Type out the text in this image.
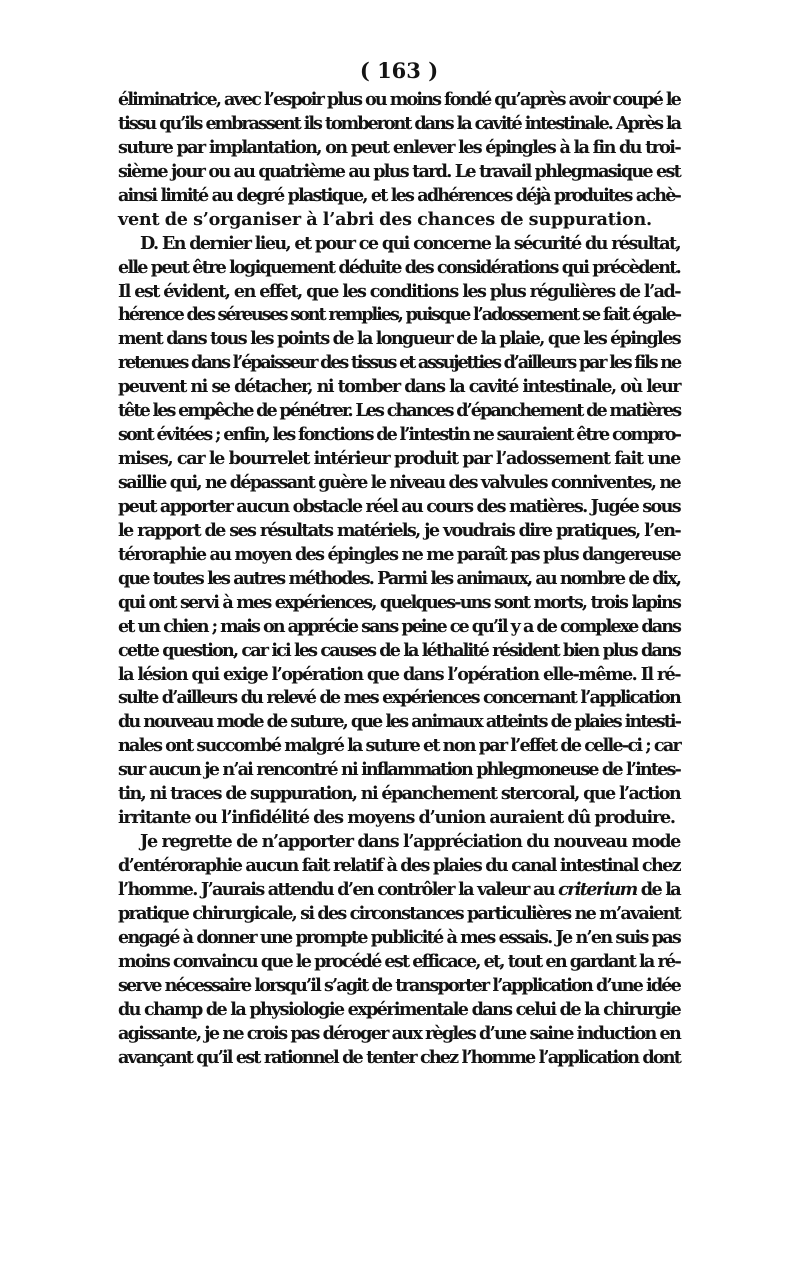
( 163 )
éliminatrice, avec l’espoir plus ou moins fondé qu’après avoir coupé le
tissu qu’ils embrassent ils tomberont dans la cavité intestinale. Après la
suture par implantation, on peut enlever les épingles à la fin du troi-
sième jour ou au quatrième au plus tard. Le travail phlegmasique est
ainsi limité au degré plastique, et les adhérences déjà produites achè-
vent de s’organiser à l’abri des chances de suppuration.
D. En dernier lieu, et pour ce qui concerne la sécurité du résultat,
elle peut être logiquement déduite des considérations qui précèdent.
Il est évident, en effet, que les conditions les plus régulières de l’ad-
hérence des séreuses sont remplies, puisque l’adossement se fait égale-
ment dans tous les points de la longueur de la plaie, que les épingles
retenues dans l’épaisseur des tissus et assujetties d’ailleurs par les fils ne
peuvent ni se détacher, ni tomber dans la cavité intestinale, où leur
tête les empêche de pénétrer. Les chances d’épanchement de matières
sont évitées ; enfin, les fonctions de l’intestin ne sauraient être compro-
mises, car le bourrelet intérieur produit par l’adossement fait une
saillie qui, ne dépassant guère le niveau des valvules conniventes, ne
peut apporter aucun obstacle réel au cours des matières. Jugée sous
le rapport de ses résultats matériels, je voudrais dire pratiques, l’en-
téroraphie au moyen des épingles ne me paraît pas plus dangereuse
que toutes les autres méthodes. Parmi les animaux, au nombre de dix,
qui ont servi à mes expériences, quelques-uns sont morts, trois lapins
et un chien ; mais on apprécie sans peine ce qu’il y a de complexe dans
cette question, car ici les causes de la léthalité résident bien plus dans
la lésion qui exige l’opération que dans l’opération elle-même. Il ré-
sulte d’ailleurs du relevé de mes expériences concernant l’application
du nouveau mode de suture, que les animaux atteints de plaies intesti-
nales ont succombé malgré la suture et non par l’effet de celle-ci ; car
sur aucun je n’ai rencontré ni inflammation phlegmoneuse de l’intes-
tin, ni traces de suppuration, ni épanchement stercoral, que l’action
irritante ou l’infidélité des moyens d’union auraient dû produire.
Je regrette de n’apporter dans l’appréciation du nouveau mode
d’entéroraphie aucun fait relatif à des plaies du canal intestinal chez
l’homme. J’aurais attendu d’en contrôler la valeur au criterium de la
pratique chirurgicale, si des circonstances particulières ne m’avaient
engagé à donner une prompte publicité à mes essais. Je n’en suis pas
moins convaincu que le procédé est efficace, et, tout en gardant la ré-
serve nécessaire lorsqu’il s’agit de transporter l’application d’une idée
du champ de la physiologie expérimentale dans celui de la chirurgie
agissante, je ne crois pas déroger aux règles d’une saine induction en
avançant qu’il est rationnel de tenter chez l’homme l’application dont
